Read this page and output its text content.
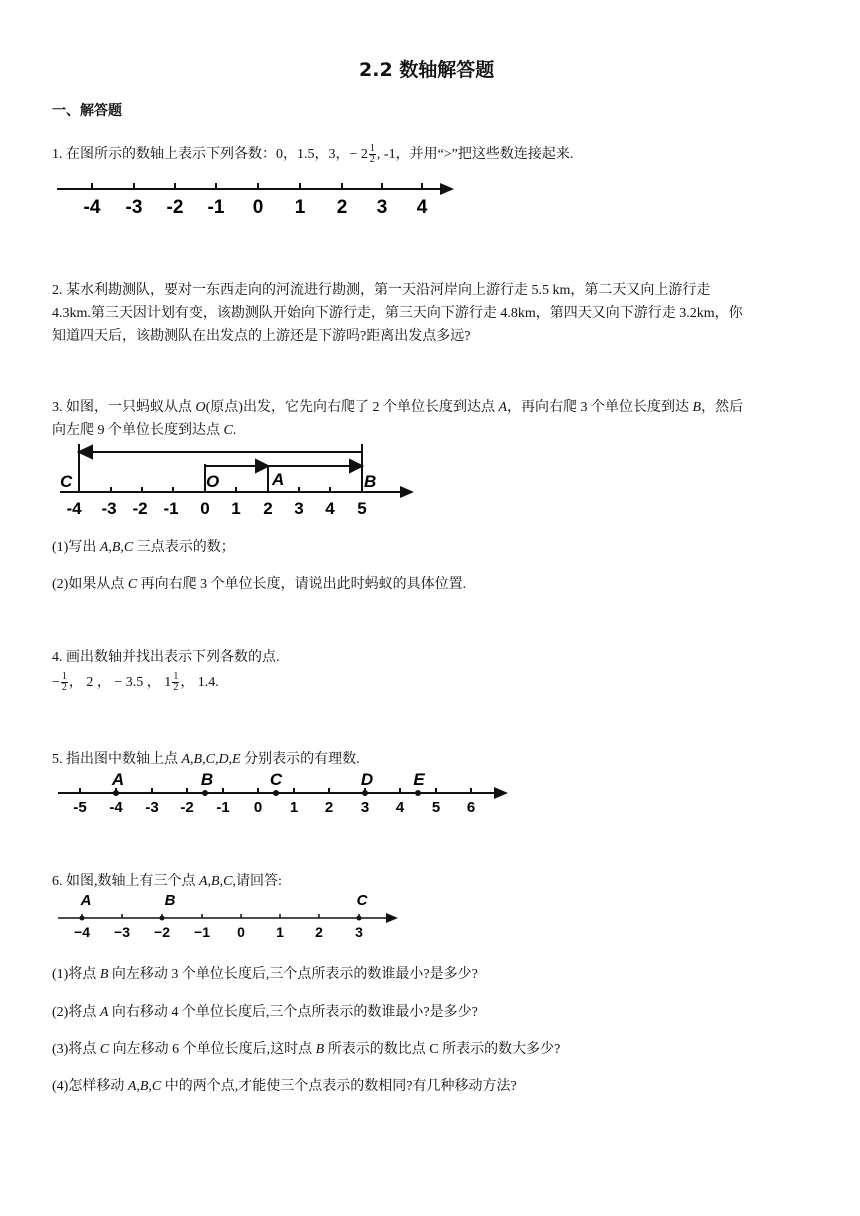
2.2 数轴解答题
一、解答题
1. 在图所示的数轴上表示下列各数：0，1.5，3，− $2 \frac{1}{2}$ , -1，并用“>”把这些数连接起来.
-4 -3 -2 -1 0 1 2 3 4
2. 某水利勘测队，要对一东西走向的河流进行勘测，第一天沿河岸向上游行走 5.5 km，第二天又向上游行走
4.3km.第三天因计划有变，该勘测队开始向下游行走，第三天向下游行走 4.8km，第四天又向下游行走 3.2km，你
知道四天后，该勘测队在出发点的上游还是下游吗?距离出发点多远?
3. 如图，一只蚂蚁从点 O(原点)出发，它先向右爬了 2 个单位长度到达点 A，再向右爬 3 个单位长度到达 B，然后
向左爬 9 个单位长度到达点 C.
C	O	A	B
-4 -3 -2 -1 0 1 2 3 4 5
(1)写出 A,B,C 三点表示的数；
(2)如果从点 C 再向右爬 3 个单位长度，请说出此时蚂蚁的具体位置.
4. 画出数轴并找出表示下列各数的点.
− $\frac{1}{2}$ ， 2 ， − 3.5 ， $1 \frac{1}{2}$ ， 1.4.
5. 指出图中数轴上点 A,B,C,D,E 分别表示的有理数.
A	B	C	D E
-5 -4 -3 -2 -1 0 1 2 3 4 5 6
6. 如图,数轴上有三个点 A,B,C,请回答:
A	B	C
−4 −3 −2 −1 0 1 2 3
(1)将点 B 向左移动 3 个单位长度后,三个点所表示的数谁最小?是多少?
(2)将点 A 向右移动 4 个单位长度后,三个点所表示的数谁最小?是多少?
(3)将点 C 向左移动 6 个单位长度后,这时点 B 所表示的数比点 C 所表示的数大多少?
(4)怎样移动 A,B,C 中的两个点,才能使三个点表示的数相同?有几种移动方法?
